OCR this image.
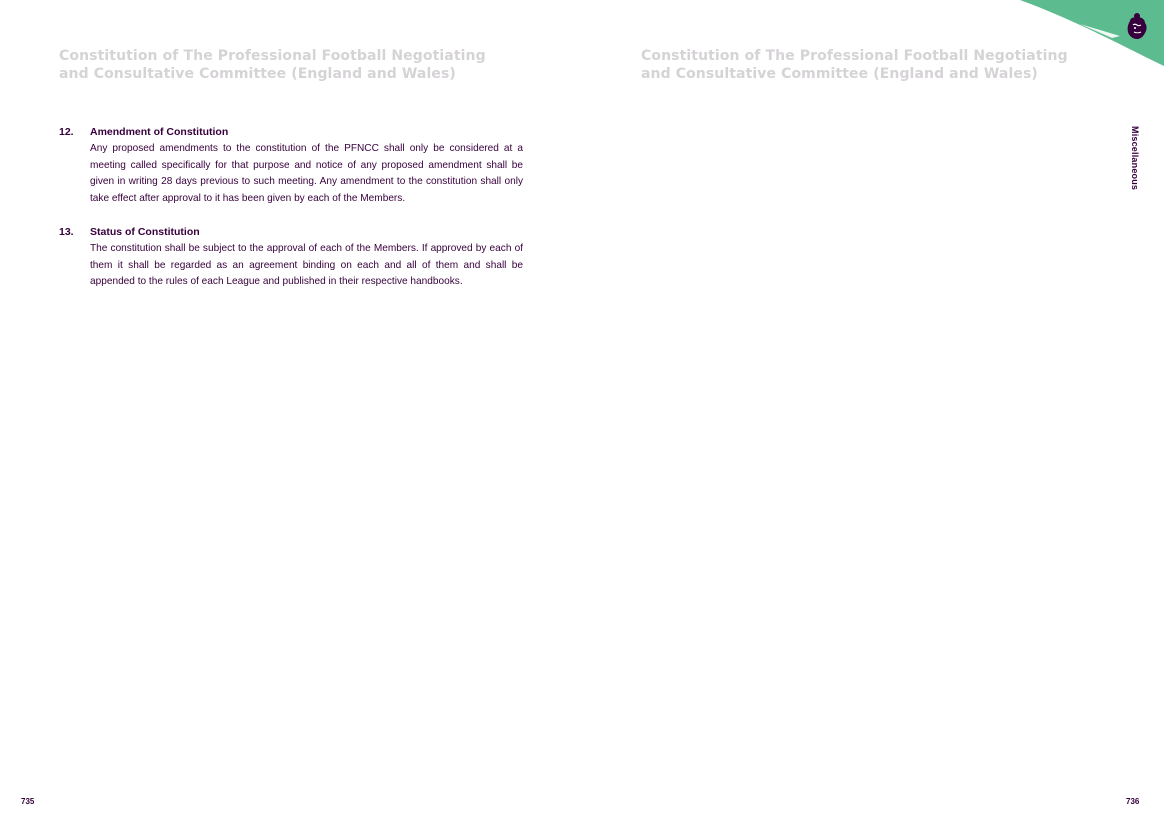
Constitution of The Professional Football Negotiating and Consultative Committee (England and Wales)
Constitution of The Professional Football Negotiating and Consultative Committee (England and Wales)
12. Amendment of Constitution

Any proposed amendments to the constitution of the PFNCC shall only be considered at a meeting called specifically for that purpose and notice of any proposed amendment shall be given in writing 28 days previous to such meeting. Any amendment to the constitution shall only take effect after approval to it has been given by each of the Members.

13. Status of Constitution

The constitution shall be subject to the approval of each of the Members. If approved by each of them it shall be regarded as an agreement binding on each and all of them and shall be appended to the rules of each League and published in their respective handbooks.

Miscellaneous
735	736
